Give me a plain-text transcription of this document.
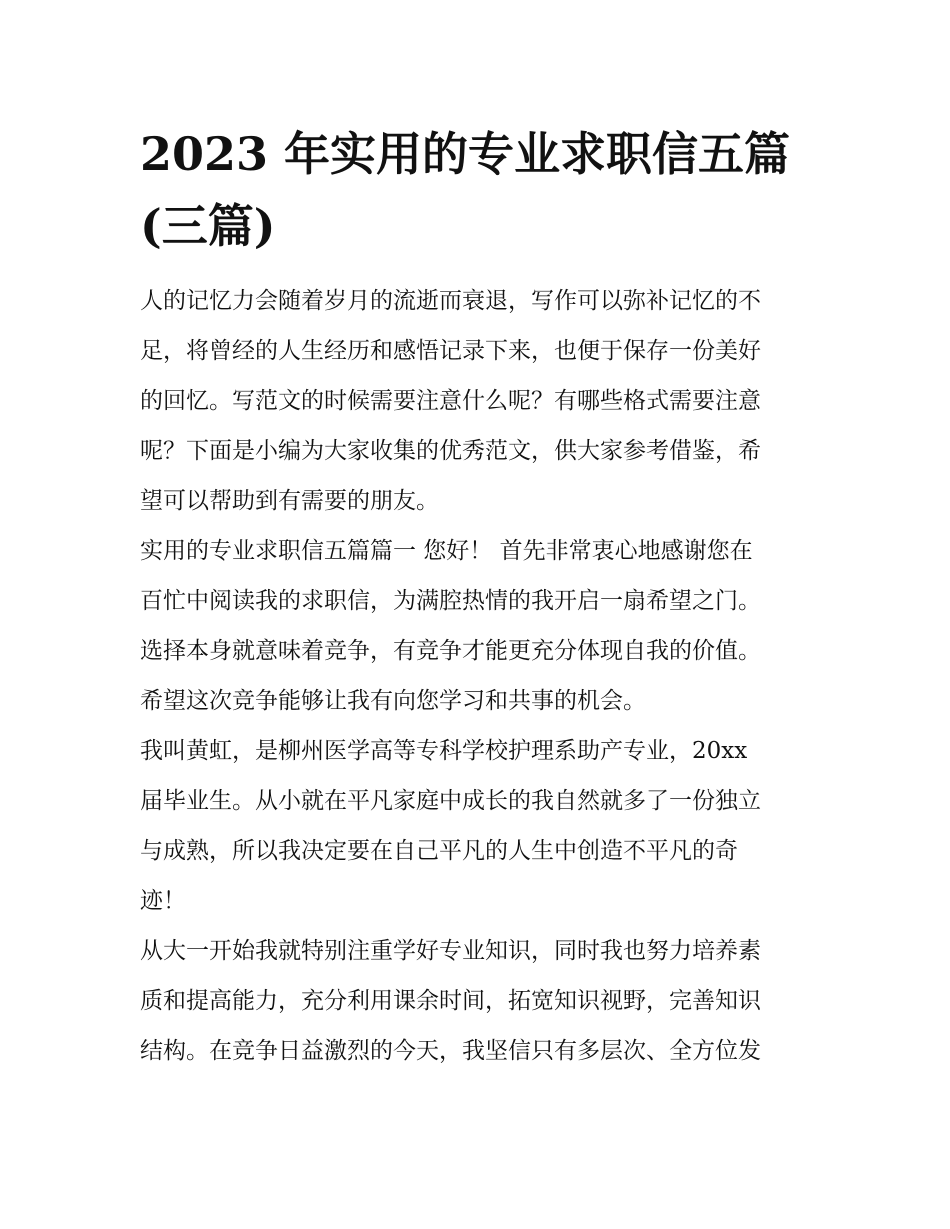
2023 年实用的专业求职信五篇
(三篇)
人的记忆力会随着岁月的流逝而衰退，写作可以弥补记忆的不
足，将曾经的人生经历和感悟记录下来，也便于保存一份美好
的回忆。写范文的时候需要注意什么呢？有哪些格式需要注意
呢？下面是小编为大家收集的优秀范文，供大家参考借鉴，希
望可以帮助到有需要的朋友。
实用的专业求职信五篇篇一 您好！ 首先非常衷心地感谢您在
百忙中阅读我的求职信，为满腔热情的我开启一扇希望之门。
选择本身就意味着竞争，有竞争才能更充分体现自我的价值。
希望这次竞争能够让我有向您学习和共事的机会。
我叫黄虹，是柳州医学高等专科学校护理系助产专业，20xx
届毕业生。从小就在平凡家庭中成长的我自然就多了一份独立
与成熟，所以我决定要在自己平凡的人生中创造不平凡的奇
迹！
从大一开始我就特别注重学好专业知识，同时我也努力培养素
质和提高能力，充分利用课余时间，拓宽知识视野，完善知识
结构。在竞争日益激烈的今天，我坚信只有多层次、全方位发
